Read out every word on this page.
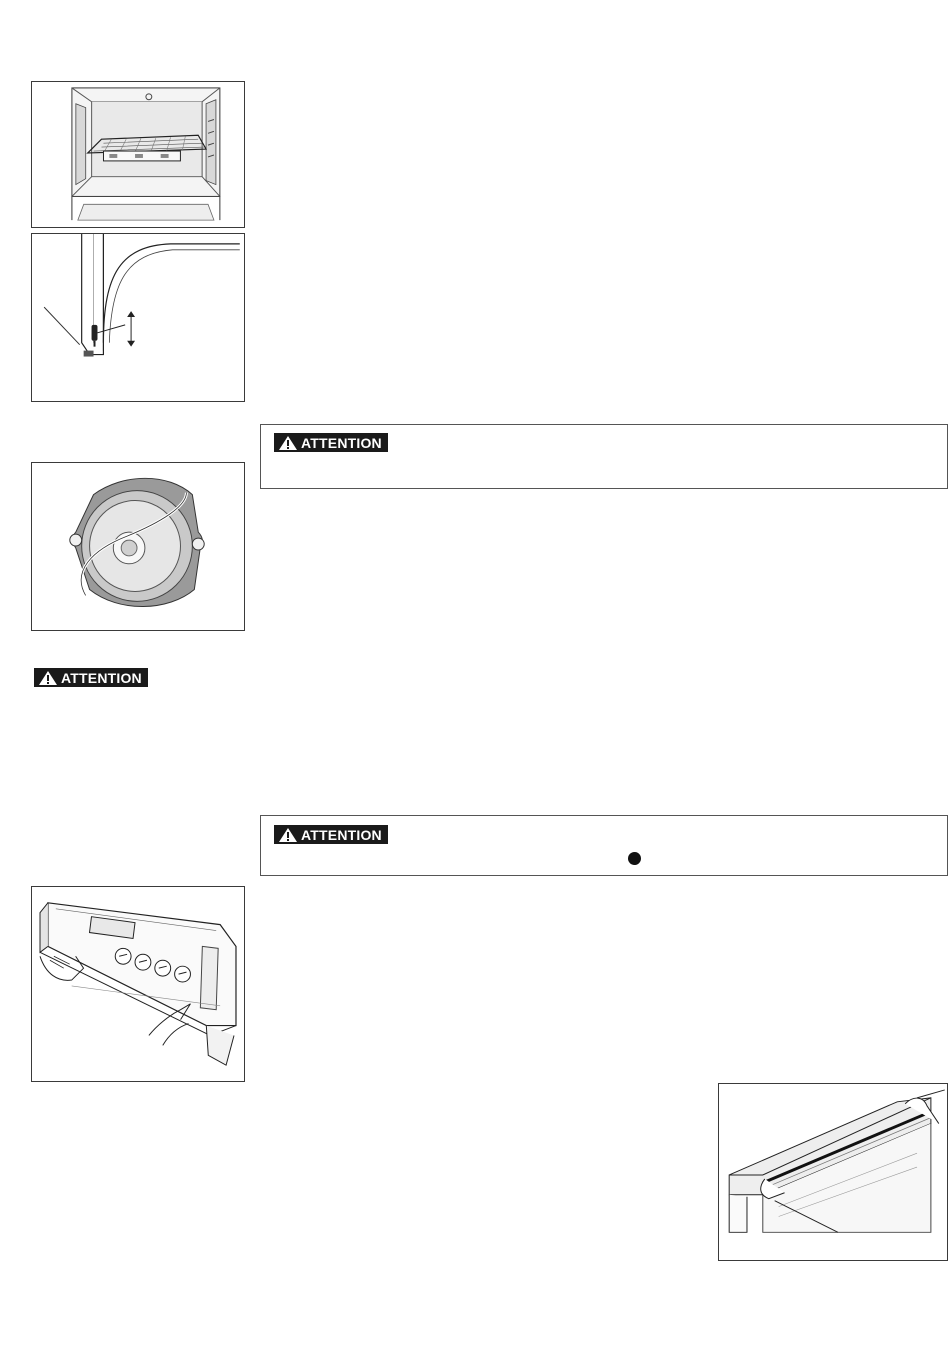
ATTENTION
ATTENTION
ATTENTION
